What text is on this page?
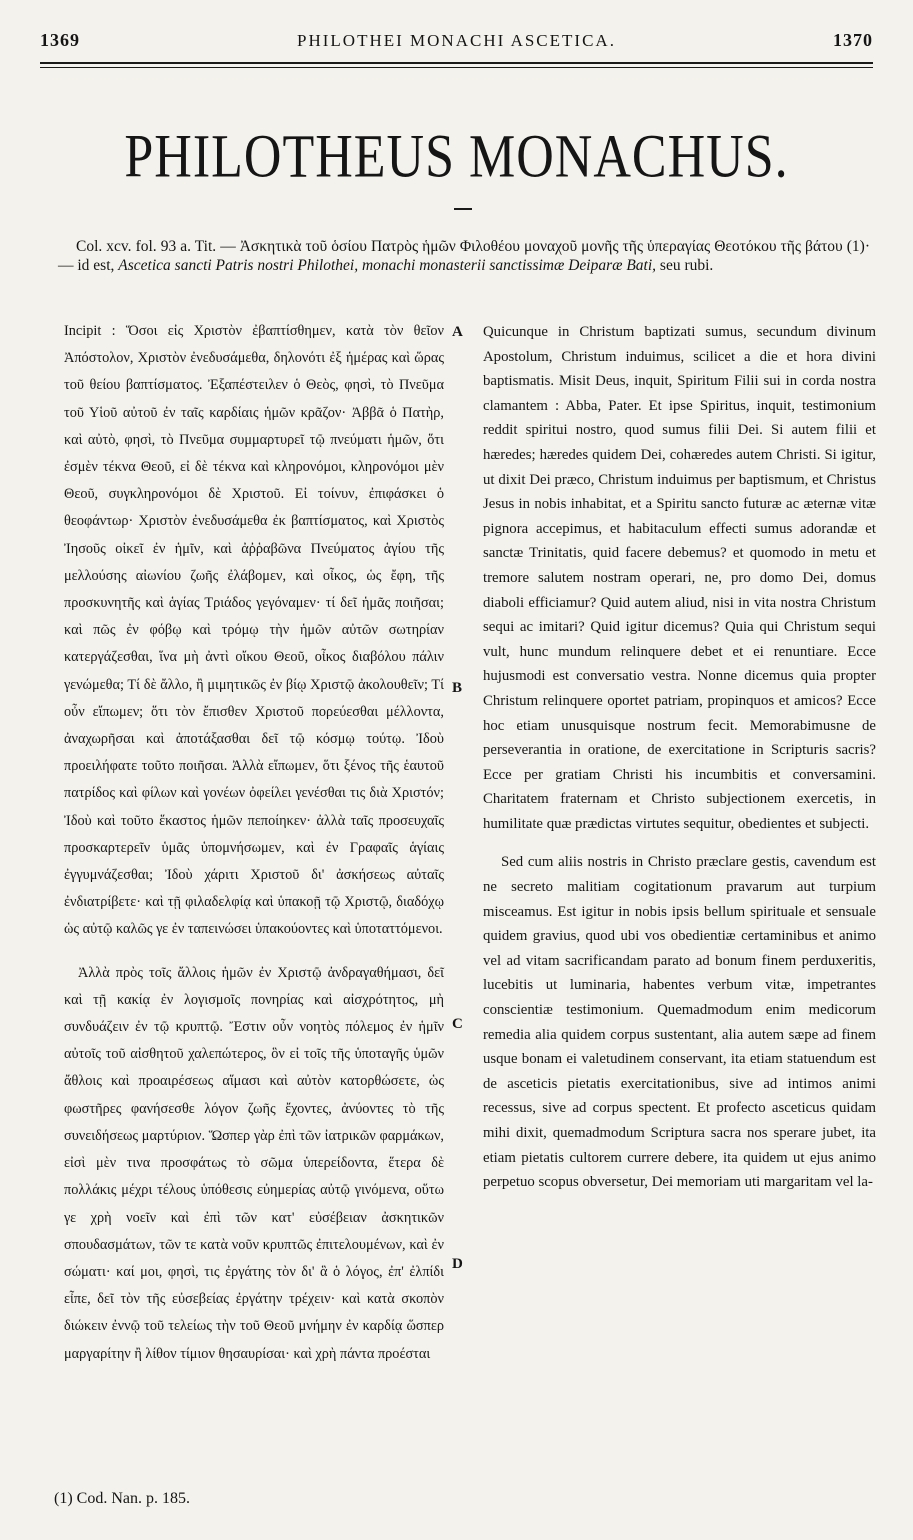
1369	PHILOTHEI MONACHI ASCETICA.	1370
PHILOTHEUS MONACHUS.
Col. xcv. fol. 93 a. Tit. — Ἀσκητικὰ τοῦ ὁσίου Πατρὸς ἡμῶν Φιλοθέου μοναχοῦ μονῆς τῆς ὑπεραγίας Θεοτόκου τῆς βάτου (1)· — id est, Ascetica sancti Patris nostri Philothei, monachi monasterii sanctissimæ Deiparæ Bati, seu rubi.

Incipit : Ὅσοι εἰς Χριστὸν ἐβαπτίσθημεν, κατὰ τὸν θεῖον Ἀπόστολον, Χριστὸν ἐνεδυσάμεθα, δηλονότι ἐξ ἡμέρας καὶ ὥρας τοῦ θείου βαπτίσματος. Ἐξαπέστειλεν ὁ Θεὸς, φησὶ, τὸ Πνεῦμα τοῦ Υἱοῦ αὐτοῦ ἐν ταῖς καρδίαις ἡμῶν κρᾶζον· Ἀββᾶ ὁ Πατὴρ, καὶ αὐτὸ, φησὶ, τὸ Πνεῦμα συμμαρτυρεῖ τῷ πνεύματι ἡμῶν, ὅτι ἐσμὲν τέκνα Θεοῦ, εἰ δὲ τέκνα καὶ κληρονόμοι, κληρονόμοι μὲν Θεοῦ, συγκληρονόμοι δὲ Χριστοῦ. Εἰ τοίνυν, ἐπιφάσκει ὁ θεοφάντωρ· Χριστὸν ἐνεδυσάμεθα ἐκ βαπτίσματος, καὶ Χριστὸς Ἰησοῦς οἰκεῖ ἐν ἡμῖν, καὶ ἀῤῥαβῶνα Πνεύματος ἁγίου τῆς μελλούσης αἰωνίου ζωῆς ἐλάβομεν, καὶ οἶκος, ὡς ἔφη, τῆς προσκυνητῆς καὶ ἁγίας Τριάδος γεγόναμεν· τί δεῖ ἡμᾶς ποιῆσαι; καὶ πῶς ἐν φόβῳ καὶ τρόμῳ τὴν ἡμῶν αὐτῶν σωτηρίαν κατεργάζεσθαι, ἵνα μὴ ἀντὶ οἴκου Θεοῦ, οἶκος διαβόλου πάλιν γενώμεθα; Τί δὲ ἄλλο, ἢ μιμητικῶς ἐν βίῳ Χριστῷ ἀκολουθεῖν; Τί οὖν εἴπωμεν; ὅτι τὸν ἔπισθεν Χριστοῦ πορεύεσθαι μέλλοντα, ἀναχωρῆσαι καὶ ἀποτάξασθαι δεῖ τῷ κόσμῳ τούτῳ. Ἰδοὺ προειλήφατε τοῦτο ποιῆσαι. Ἀλλὰ εἴπωμεν, ὅτι ξένος τῆς ἑαυτοῦ πατρίδος καὶ φίλων καὶ γονέων ὀφείλει γενέσθαι τις διὰ Χριστόν; Ἰδοὺ καὶ τοῦτο ἕκαστος ἡμῶν πεποίηκεν· ἀλλὰ ταῖς προσευχαῖς προσκαρτερεῖν ὑμᾶς ὑπομνήσωμεν, καὶ ἐν Γραφαῖς ἁγίαις ἐγγυμνάζεσθαι; Ἰδοὺ χάριτι Χριστοῦ δι' ἀσκήσεως αὐταῖς ἐνδιατρίβετε· καὶ τῇ φιλαδελφίᾳ καὶ ὑπακοῇ τῷ Χριστῷ, διαδόχῳ ὡς αὐτῷ καλῶς γε ἐν ταπεινώσει ὑπακούοντες καὶ ὑποταττόμενοι.

Ἀλλὰ πρὸς τοῖς ἄλλοις ἡμῶν ἐν Χριστῷ ἀνδραγαθήμασι, δεῖ καὶ τῇ κακίᾳ ἐν λογισμοῖς πονηρίας καὶ αἰσχρότητος, μὴ συνδυάζειν ἐν τῷ κρυπτῷ. Ἔστιν οὖν νοητὸς πόλεμος ἐν ἡμῖν αὐτοῖς τοῦ αἰσθητοῦ χαλεπώτερος, ὃν εἰ τοῖς τῆς ὑποταγῆς ὑμῶν ἄθλοις καὶ προαιρέσεως αἵμασι καὶ αὐτὸν κατορθώσετε, ὡς φωστῆρες φανήσεσθε λόγον ζωῆς ἔχοντες, ἀνύοντες τὸ τῆς συνειδήσεως μαρτύριον. Ὥσπερ γὰρ ἐπὶ τῶν ἰατρικῶν φαρμάκων, εἰσὶ μὲν τινα προσφάτως τὸ σῶμα ὑπερείδοντα, ἕτερα δὲ πολλάκις μέχρι τέλους ὑπόθεσις εὐημερίας αὐτῷ γινόμενα, οὕτω γε χρὴ νοεῖν καὶ ἐπὶ τῶν κατ' εὐσέβειαν ἀσκητικῶν σπουδασμάτων, τῶν τε κατὰ νοῦν κρυπτῶς ἐπιτελουμένων, καὶ ἐν σώματι· καί μοι, φησὶ, τις ἐργάτης τὸν δι' ἃ ὁ λόγος, ἐπ' ἐλπίδι εἶπε, δεῖ τὸν τῆς εὐσεβείας ἐργάτην τρέχειν· καὶ κατὰ σκοπὸν διώκειν ἐννῷ τοῦ τελείως τὴν τοῦ Θεοῦ μνήμην ἐν καρδίᾳ ὥσπερ μαργαρίτην ἢ λίθον τίμιον θησαυρίσαι· καὶ χρὴ πάντα προέσται

A
B
C
D

Quicunque in Christum baptizati sumus, secundum divinum Apostolum, Christum induimus, scilicet a die et hora divini baptismatis. Misit Deus, inquit, Spiritum Filii sui in corda nostra clamantem : Abba, Pater. Et ipse Spiritus, inquit, testimonium reddit spiritui nostro, quod sumus filii Dei. Si autem filii et hæredes; hæredes quidem Dei, cohæredes autem Christi. Si igitur, ut dixit Dei præco, Christum induimus per baptismum, et Christus Jesus in nobis inhabitat, et a Spiritu sancto futuræ ac æternæ vitæ pignora accepimus, et habitaculum effecti sumus adorandæ et sanctæ Trinitatis, quid facere debemus? et quomodo in metu et tremore salutem nostram operari, ne, pro domo Dei, domus diaboli efficiamur? Quid autem aliud, nisi in vita nostra Christum sequi ac imitari? Quid igitur dicemus? Quia qui Christum sequi vult, hunc mundum relinquere debet et ei renuntiare. Ecce hujusmodi est conversatio vestra. Nonne dicemus quia propter Christum relinquere oportet patriam, propinquos et amicos? Ecce hoc etiam unusquisque nostrum fecit. Memorabimusne de perseverantia in oratione, de exercitatione in Scripturis sacris? Ecce per gratiam Christi his incumbitis et conversamini. Charitatem fraternam et Christo subjectionem exercetis, in humilitate quæ prædictas virtutes sequitur, obedientes et subjecti.

Sed cum aliis nostris in Christo præclare gestis, cavendum est ne secreto malitiam cogitationum pravarum aut turpium misceamus. Est igitur in nobis ipsis bellum spirituale et sensuale quidem gravius, quod ubi vos obedientiæ certaminibus et animo vel ad vitam sacrificandam parato ad bonum finem perduxeritis, lucebitis ut luminaria, habentes verbum vitæ, impetrantes conscientiæ testimonium. Quemadmodum enim medicorum remedia alia quidem corpus sustentant, alia autem sæpe ad finem usque bonam ei valetudinem conservant, ita etiam statuendum est de asceticis pietatis exercitationibus, sive ad intimos animi recessus, sive ad corpus spectent. Et profecto asceticus quidam mihi dixit, quemadmodum Scriptura sacra nos sperare jubet, ita etiam pietatis cultorem currere debere, ita quidem ut ejus animo perpetuo scopus obversetur, Dei memoriam uti margaritam vel la-

(1) Cod. Nan. p. 185.
